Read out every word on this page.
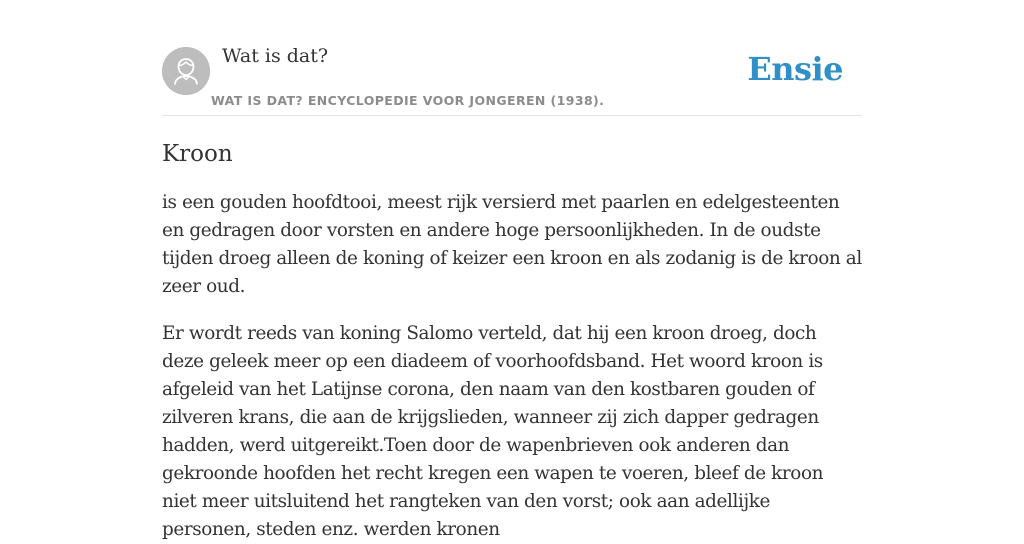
Wat is dat?
WAT IS DAT? ENCYCLOPEDIE VOOR JONGEREN (1938).
Ensie
Kroon

is een gouden hoofdtooi, meest rijk versierd met paarlen en edelgesteenten en gedragen door vorsten en andere hoge persoonlijkheden. In de oudste tijden droeg alleen de koning of keizer een kroon en als zodanig is de kroon al zeer oud.

Er wordt reeds van koning Salomo verteld, dat hij een kroon droeg, doch deze geleek meer op een diadeem of voorhoofdsband. Het woord kroon is afgeleid van het Latijnse corona, den naam van den kostbaren gouden of zilveren krans, die aan de krijgslieden, wanneer zij zich dapper gedragen hadden, werd uitgereikt.Toen door de wapenbrieven ook anderen dan gekroonde hoofden het recht kregen een wapen te voeren, bleef de kroon niet meer uitsluitend het rangteken van den vorst; ook aan adellijke personen, steden enz. werden kronen
